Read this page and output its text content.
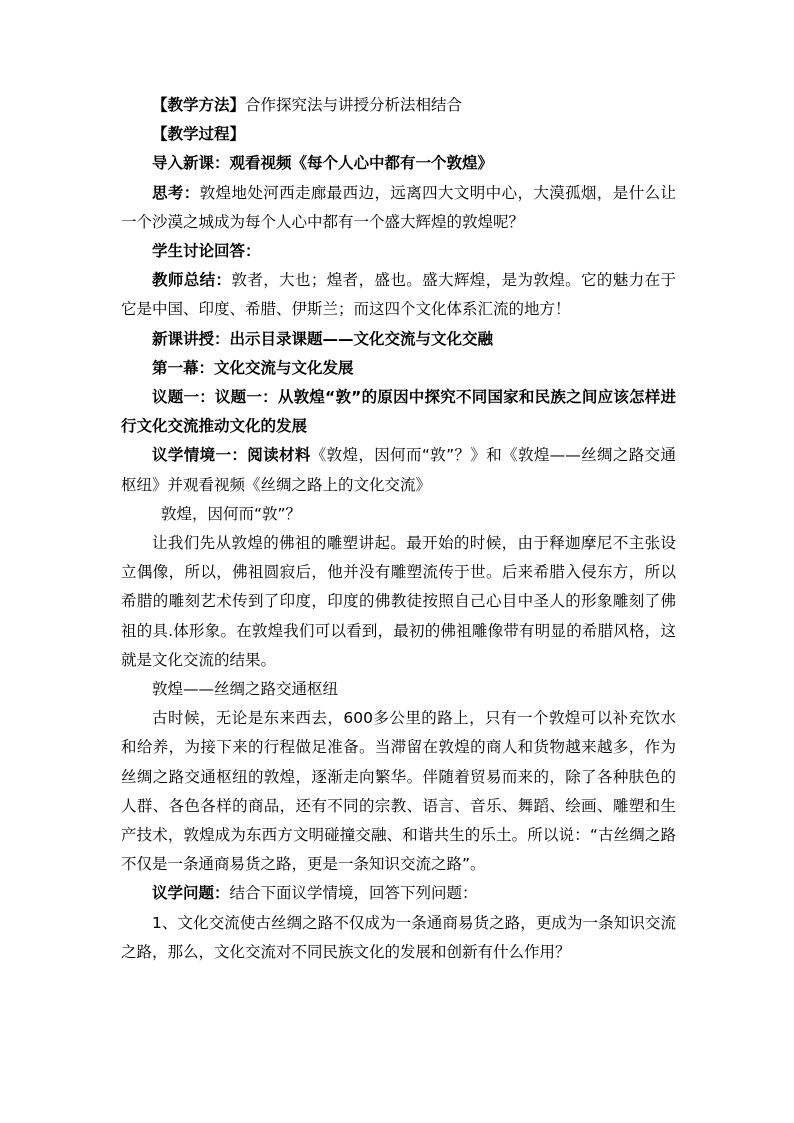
【教学方法】合作探究法与讲授分析法相结合

【教学过程】

导入新课：观看视频《每个人心中都有一个敦煌》

思考：敦煌地处河西走廊最西边，远离四大文明中心，大漠孤烟，是什么让一个沙漠之城成为每个人心中都有一个盛大辉煌的敦煌呢？

学生讨论回答：

教师总结：敦者，大也；煌者，盛也。盛大辉煌，是为敦煌。它的魅力在于它是中国、印度、希腊、伊斯兰；而这四个文化体系汇流的地方！

新课讲授：出示目录课题——文化交流与文化交融

第一幕：文化交流与文化发展

议题一：议题一：从敦煌“敦”的原因中探究不同国家和民族之间应该怎样进行文化交流推动文化的发展

议学情境一：阅读材料《敦煌，因何而“敦”？》和《敦煌——丝绸之路交通枢纽》并观看视频《丝绸之路上的文化交流》

敦煌，因何而“敦”？

让我们先从敦煌的佛祖的雕塑讲起。最开始的时候，由于释迦摩尼不主张设立偶像，所以，佛祖圆寂后，他并没有雕塑流传于世。后来希腊入侵东方，所以希腊的雕刻艺术传到了印度，印度的佛教徒按照自己心目中圣人的形象雕刻了佛祖的具.体形象。在敦煌我们可以看到，最初的佛祖雕像带有明显的希腊风格，这就是文化交流的结果。

敦煌——丝绸之路交通枢纽

古时候，无论是东来西去，600多公里的路上，只有一个敦煌可以补充饮水和给养，为接下来的行程做足准备。当滞留在敦煌的商人和货物越来越多，作为丝绸之路交通枢纽的敦煌，逐渐走向繁华。伴随着贸易而来的，除了各种肤色的人群、各色各样的商品，还有不同的宗教、语言、音乐、舞蹈、绘画、雕塑和生产技术，敦煌成为东西方文明碰撞交融、和谐共生的乐土。所以说：“古丝绸之路不仅是一条通商易货之路，更是一条知识交流之路”。

议学问题：结合下面议学情境，回答下列问题：

1、文化交流使古丝绸之路不仅成为一条通商易货之路，更成为一条知识交流之路，那么，文化交流对不同民族文化的发展和创新有什么作用？
